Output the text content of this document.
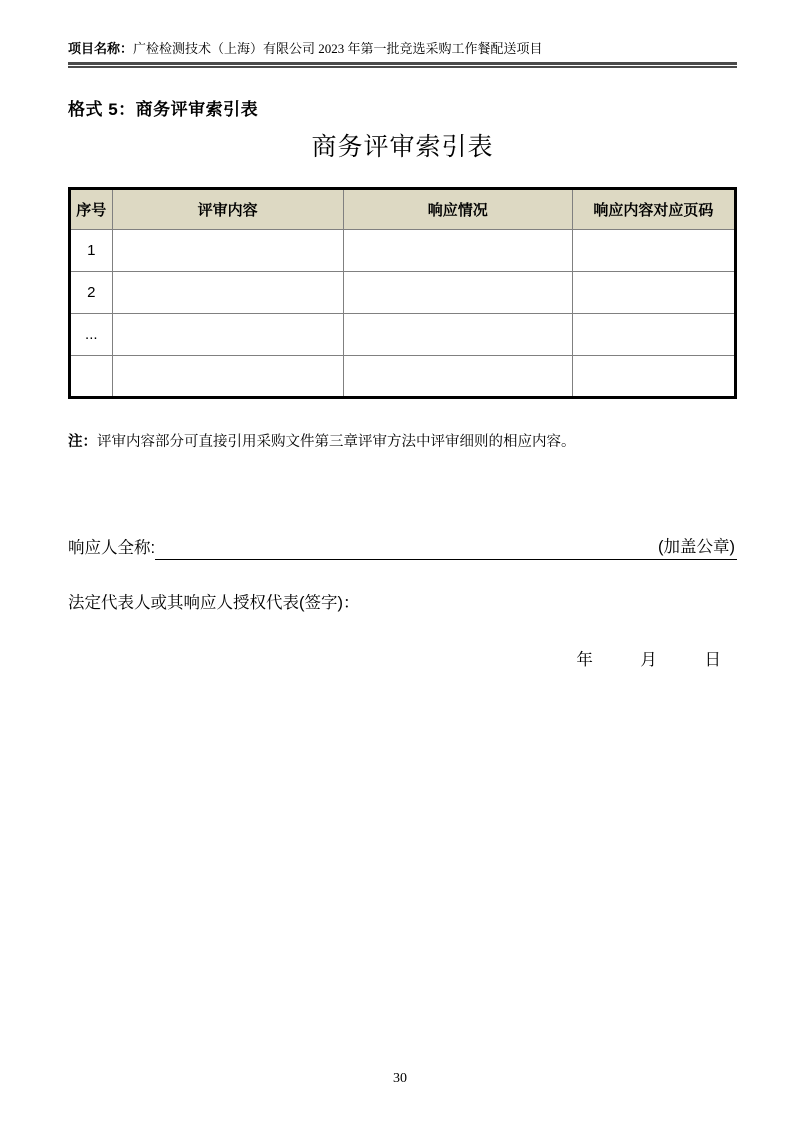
项目名称：广检检测技术（上海）有限公司 2023 年第一批竞选采购工作餐配送项目
格式 5：商务评审索引表
商务评审索引表
序号	评审内容	响应情况	响应内容对应页码
1			
2			
...			

注：评审内容部分可直接引用采购文件第三章评审方法中评审细则的相应内容。
响应人全称:	(加盖公章)
法定代表人或其响应人授权代表(签字)：
年	月	日
30
